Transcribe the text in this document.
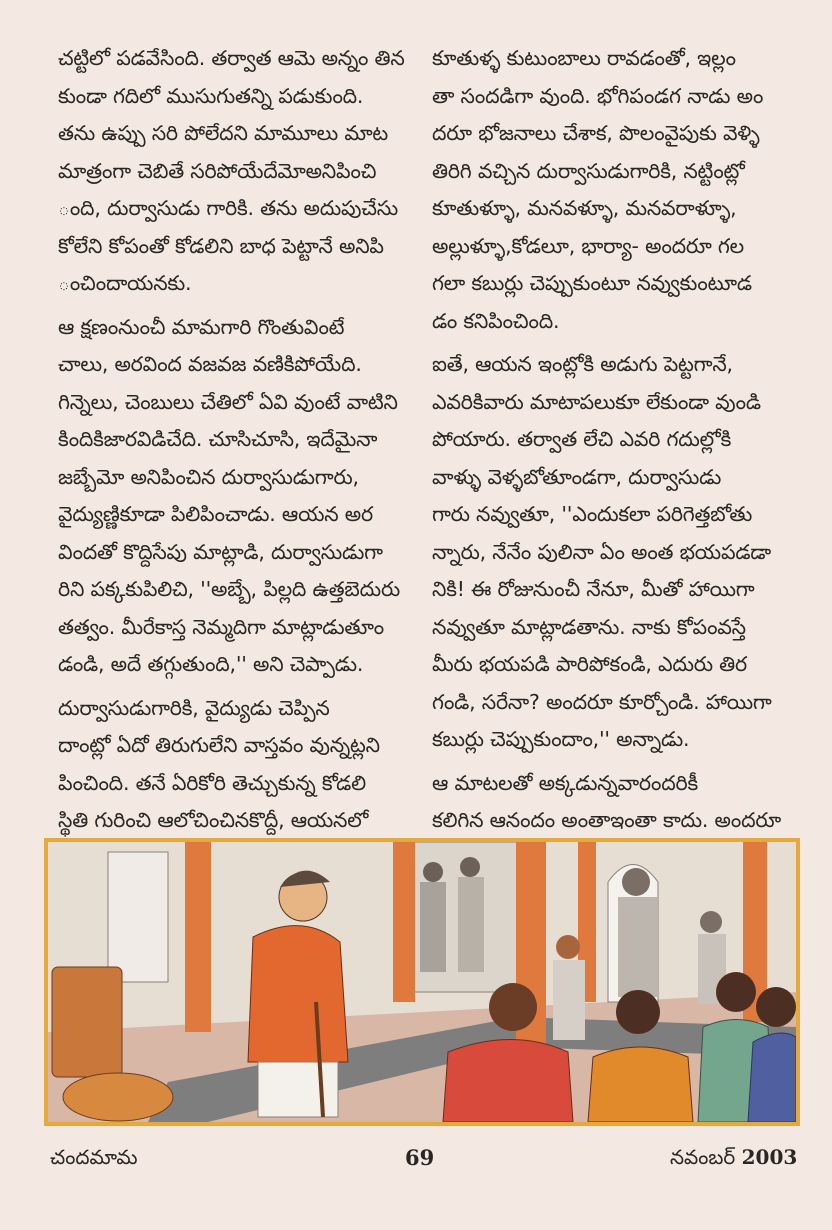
చట్టిలో పడవేసింది. తర్వాత ఆమె అన్నం తిన
కుండా గదిలో ముసుగుతన్ని పడుకుంది.
తను ఉప్పు సరి పోలేదని మామూలు మాట
మాత్రంగా చెబితే సరిపోయేదేమోఅనిపించి
ంది, దుర్వాసుడు గారికి. తను అదుపుచేసు
కోలేని కోపంతో కోడలిని బాధ పెట్టానే అనిపి
ంచిందాయనకు.
ఆ క్షణంనుంచీ మామగారి గొంతువింటే
చాలు, అరవింద వజవజ వణికిపోయేది.
గిన్నెలు, చెంబులు చేతిలో ఏవి వుంటే వాటిని
కిందికిజారవిడిచేది. చూసిచూసి, ఇదేమైనా
జబ్బేమో అనిపించిన దుర్వాసుడుగారు,
వైద్యుణ్ణికూడా పిలిపించాడు. ఆయన అర
వింద‌తో కొద్దిసేపు మాట్లాడి, దుర్వాసుడుగా
రిని పక్కకుపిలిచి, ''అబ్బే, పిల్లది ఉత్తబెదురు
తత్వం. మీరేకాస్త నెమ్మదిగా మాట్లాడుతూం
డండి, అదే తగ్గుతుంది,'' అని చెప్పాడు.
దుర్వాసుడుగారికి, వైద్యుడు చెప్పిన
దాంట్లో ఏదో తిరుగులేని వాస్తవం వున్నట్లని
పించింది. తనే ఏరికోరి తెచ్చుకున్న కోడలి
స్థితి గురించి ఆలోచించినకొద్దీ, ఆయనలో
కూతుళ్ళ కుటుంబాలు రావడంతో, ఇల్లం
తా సందడిగా వుంది. భోగిపండగ నాడు అం
దరూ భోజనాలు చేశాక, పొలంవైపుకు వెళ్ళి
తిరిగి వచ్చిన దుర్వాసుడుగారికి, నట్టింట్లో
కూతుళ్ళూ, మనవళ్ళూ, మనవరాళ్ళూ,
అల్లుళ్ళూ,కోడలూ, భార్యా- అందరూ గల
గలా కబుర్లు చెప్పుకుంటూ నవ్వుకుంటూడ
డం కనిపించింది.
ఐతే, ఆయన ఇంట్లోకి అడుగు పెట్టగానే,
ఎవరికివారు మాటాపలుకూ లేకుండా వుండి
పోయారు. తర్వాత లేచి ఎవరి గదుల్లోకి
వాళ్ళు వెళ్ళబోతూండగా, దుర్వాసుడు
గారు నవ్వుతూ, ''ఎందుకలా పరిగెత్తబోతు
న్నారు, నేనేం పులినా ఏం అంత భయపడడా
నికి! ఈ రోజునుంచీ నేనూ, మీతో హాయిగా
నవ్వుతూ మాట్లాడతాను. నాకు కోపంవస్తే
మీరు భయపడి పారిపోకండి, ఎదురు తిర
గండి, సరేనా? అందరూ కూర్చోండి. హాయిగా
కబుర్లు చెప్పుకుందాం,'' అన్నాడు.
ఆ మాటలతో అక్కడున్నవారందరికీ
కలిగిన ఆనందం అంతాఇంతా కాదు. అందరూ
చందమామ	69	నవంబర్ 2003
